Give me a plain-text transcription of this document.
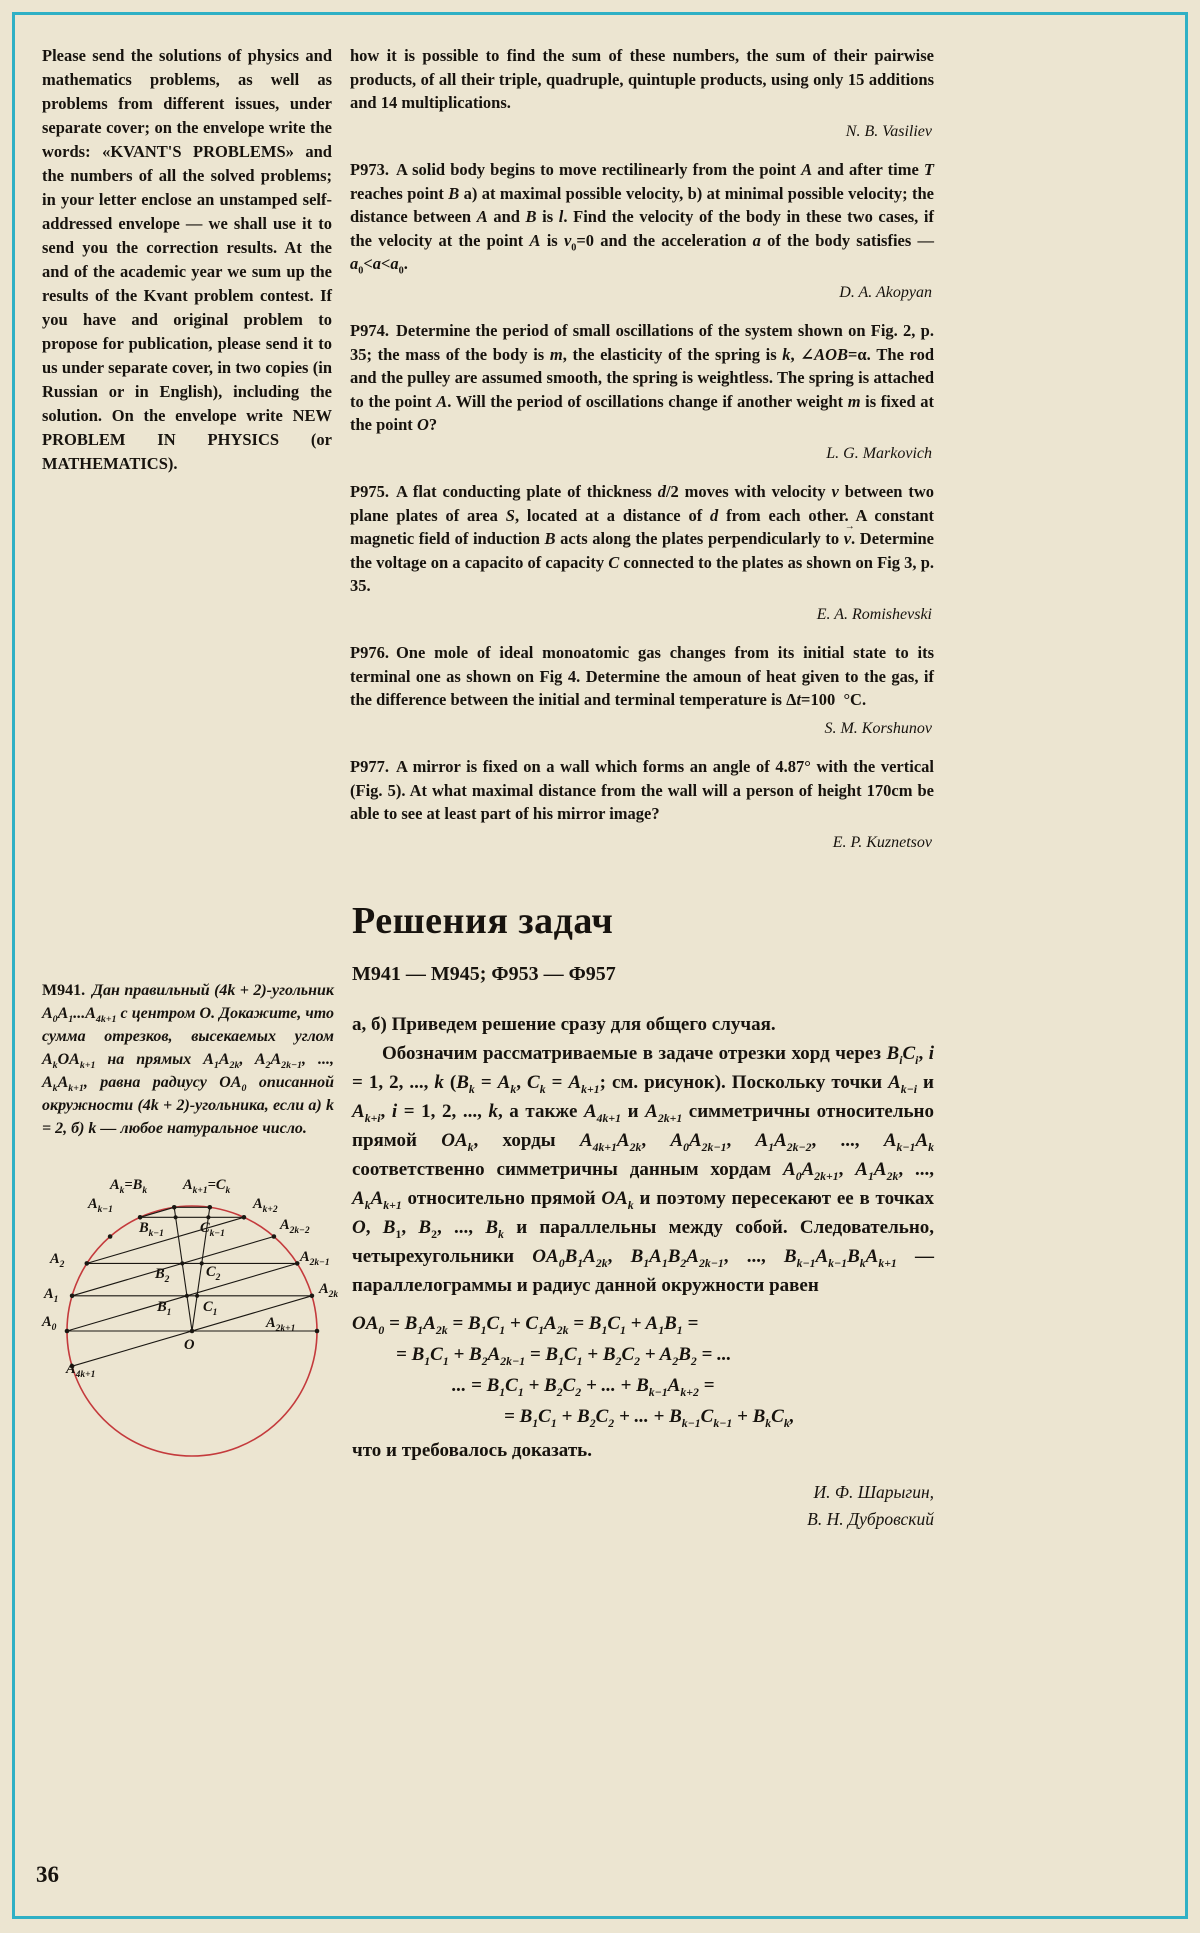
Please send the solutions of physics and mathematics problems, as well as problems from different issues, under separate cover; on the envelope write the words: «KVANT'S PROBLEMS» and the numbers of all the solved problems; in your letter enclose an unstamped self-addressed envelope — we shall use it to send you the correction results. At the and of the academic year we sum up the results of the Kvant problem contest. If you have and original problem to propose for publication, please send it to us under separate cover, in two copies (in Russian or in English), including the solution. On the envelope write NEW PROBLEM IN PHYSICS (or MATHEMATICS).

how it is possible to find the sum of these numbers, the sum of their pairwise products, of all their triple, quadruple, quintuple products, using only 15 additions and 14 multiplications.

N. B. Vasiliev

P973. A solid body begins to move rectilinearly from the point A and after time T reaches point B a) at maximal possible velocity, b) at minimal possible velocity; the distance between A and B is l. Find the velocity of the body in these two cases, if the velocity at the point A is $v_0=0$ and the acceleration a of the body satisfies $—a_0<a<a_0$.

D. A. Akopyan

P974. Determine the period of small oscillations of the system shown on Fig. 2, p. 35; the mass of the body is m, the elasticity of the spring is k, ∠AOB=α. The rod and the pulley are assumed smooth, the spring is weightless. The spring is attached to the point A. Will the period of oscillations change if another weight m is fixed at the point O?

L. G. Markovich

P975. A flat conducting plate of thickness d/2 moves with velocity v between two plane plates of area S, located at a distance of d from each other. A constant magnetic field of induction B acts along the plates perpendicularly to v →. Determine the voltage on a capacito of capacity C connected to the plates as shown on Fig 3, p. 35.

E. A. Romishevski

P976. One mole of ideal monoatomic gas changes from its initial state to its terminal one as shown on Fig 4. Determine the amoun of heat given to the gas, if the difference between the initial and terminal temperature is Δt=100  °C.

S. M. Korshunov

P977. A mirror is fixed on a wall which forms an angle of 4.87° with the vertical (Fig. 5). At what maximal distance from the wall will a person of height 170cm be able to see at least part of his mirror image?

E. P. Kuznetsov

М941. Дан правильный (4k + 2)-угольник $A_0A_1...A_{4k+1}$ с центром O. Докажите, что сумма отрезков, высекаемых углом $A_kOA_{k+1}$ на прямых $A_1A_{2k}$, $A_2A_{2k-1}$, ..., $A_kA_{k+1}$, равна радиусу $OA_0$ описанной окружности (4k + 2)-угольника, если а) k = 2, б) k — любое натуральное число.

$A_k=B_k$ $A_{k+1}=C_k$
$A_{k-1}$	$A_{k+2}$
$B_{k-1}$ $C_{k-1}$
$A_{2k-2}$
$A_2$	$A_{2k-1}$
$B_2$	$C_2$
$A_1$
$A_{2k}$
$B_1$ $C_1$
$A_0$	$A_{2k+1}$
O
$A_{4k+1}$
Решения задач
М941 — М945; Ф953 — Ф957

а, б) Приведем решение сразу для общего случая.

Обозначим рассматриваемые в задаче отрезки хорд через $B_iC_i$, i = 1, 2, ..., k ($B_k = A_k$, $C_k = A_{k+1}$; см. рисунок). Поскольку точки $A_{k-i}$ и $A_{k+i}$, i = 1, 2, ..., k, а также $A_{4k+1}$ и $A_{2k+1}$ симметричны относительно прямой $OA_k$, хорды $A_{4k+1}A_{2k}$, $A_0A_{2k-1}$, $A_1A_{2k-2}$, ..., $A_{k-1}A_k$ соответственно симметричны данным хордам $A_0A_{2k+1}$, $A_1A_{2k}$, ..., $A_kA_{k+1}$ относительно прямой $OA_k$ и поэтому пересекают ее в точках O, $B_1$, $B_2$, ..., $B_k$ и параллельны между собой. Следовательно, четырехугольники $OA_0B_1A_{2k}$, $B_1A_1B_2A_{2k-1}$, ..., $B_{k-1}A_{k-1}B_kA_{k+1}$ — параллелограммы и радиус данной окружности равен

$OA_0 = B_1A_{2k} = B_1C_1 + C_1A_{2k} = B_1C_1 + A_1B_1$ =
= $B_1C_1 + B_2A_{2k-1} = B_1C_1 + B_2C_2 + A_2B_2$ = ...
... = $B_1C_1 + B_2C_2$ + ... + $B_{k-1}A_{k+2}$ =
= $B_1C_1 + B_2C_2$ + ... + $B_{k-1}C_{k-1} + B_kC_k$,

что и требовалось доказать.

И. Ф. Шарыгин,
В. Н. Дубровский
36
